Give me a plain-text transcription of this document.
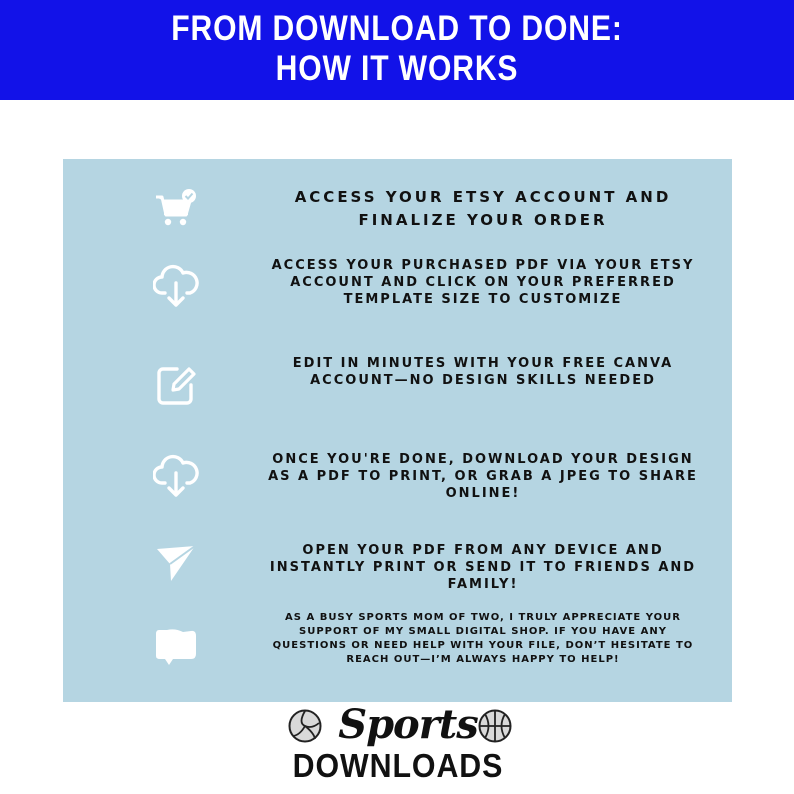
FROM DOWNLOAD TO DONE:
HOW IT WORKS
ACCESS YOUR ETSY ACCOUNT AND FINALIZE YOUR ORDER
ACCESS YOUR PURCHASED PDF VIA YOUR ETSY ACCOUNT AND CLICK ON YOUR PREFERRED TEMPLATE SIZE TO CUSTOMIZE
EDIT IN MINUTES WITH YOUR FREE CANVA ACCOUNT—NO DESIGN SKILLS NEEDED
ONCE YOU'RE DONE, DOWNLOAD YOUR DESIGN AS A PDF TO PRINT, OR GRAB A JPEG TO SHARE ONLINE!
OPEN YOUR PDF FROM ANY DEVICE AND INSTANTLY PRINT OR SEND IT TO FRIENDS AND FAMILY!
AS A BUSY SPORTS MOM OF TWO, I TRULY APPRECIATE YOUR SUPPORT OF MY SMALL DIGITAL SHOP. IF YOU HAVE ANY QUESTIONS OR NEED HELP WITH YOUR FILE, DON’T HESITATE TO REACH OUT—I’M ALWAYS HAPPY TO HELP!
Sports
DOWNLOADS
